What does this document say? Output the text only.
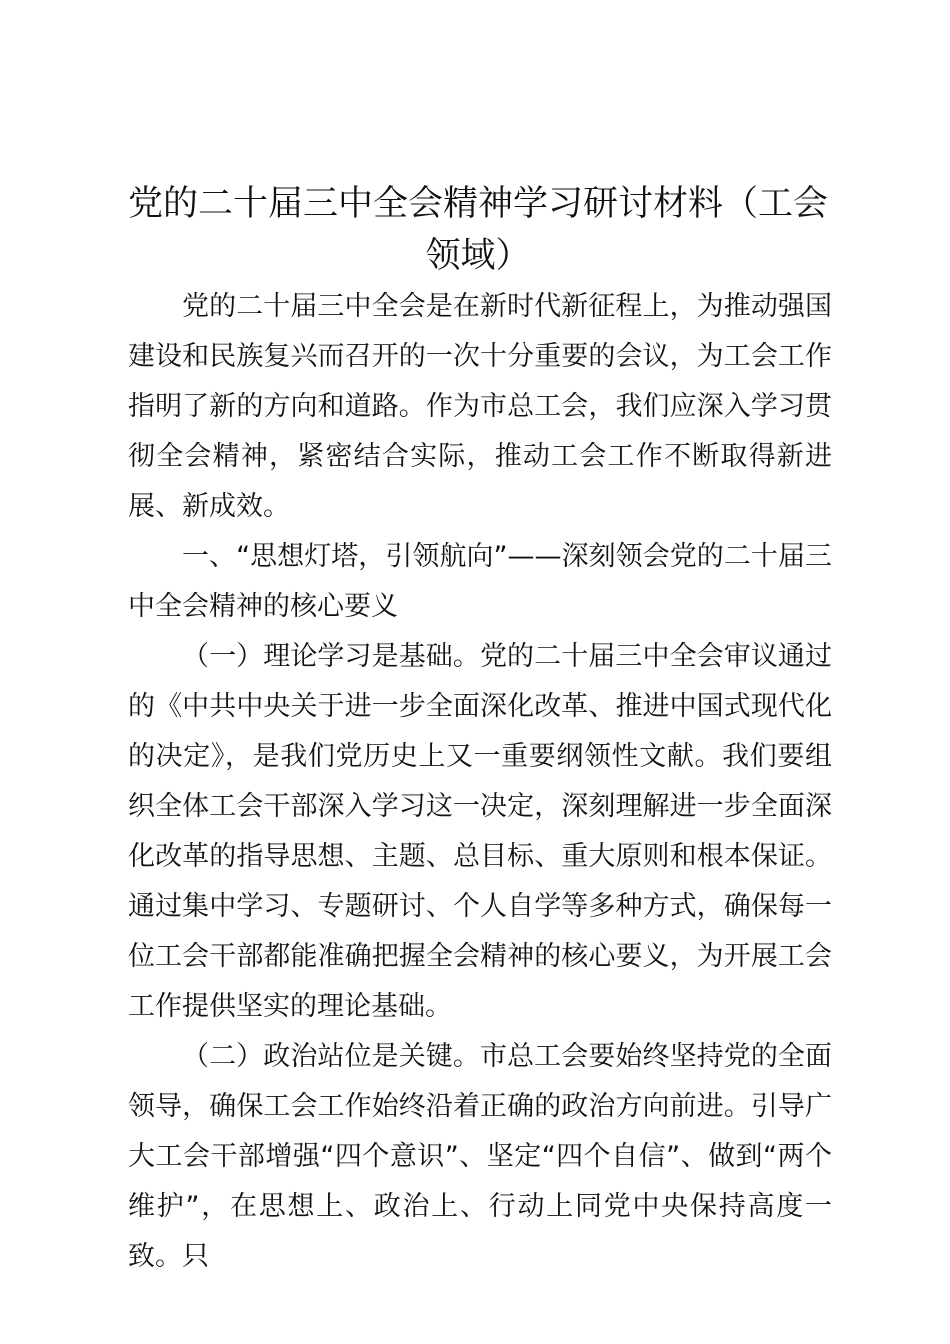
党的二十届三中全会精神学习研讨材料（工会领域）

党的二十届三中全会是在新时代新征程上，为推动强国建设和民族复兴而召开的一次十分重要的会议，为工会工作指明了新的方向和道路。作为市总工会，我们应深入学习贯彻全会精神，紧密结合实际，推动工会工作不断取得新进展、新成效。

一、“思想灯塔，引领航向”——深刻领会党的二十届三中全会精神的核心要义

（一）理论学习是基础。党的二十届三中全会审议通过的《中共中央关于进一步全面深化改革、推进中国式现代化的决定》，是我们党历史上又一重要纲领性文献。我们要组织全体工会干部深入学习这一决定，深刻理解进一步全面深化改革的指导思想、主题、总目标、重大原则和根本保证。通过集中学习、专题研讨、个人自学等多种方式，确保每一位工会干部都能准确把握全会精神的核心要义，为开展工会工作提供坚实的理论基础。

（二）政治站位是关键。市总工会要始终坚持党的全面领导，确保工会工作始终沿着正确的政治方向前进。引导广大工会干部增强“四个意识”、坚定“四个自信”、做到“两个维护”，在思想上、政治上、行动上同党中央保持高度一致。只
